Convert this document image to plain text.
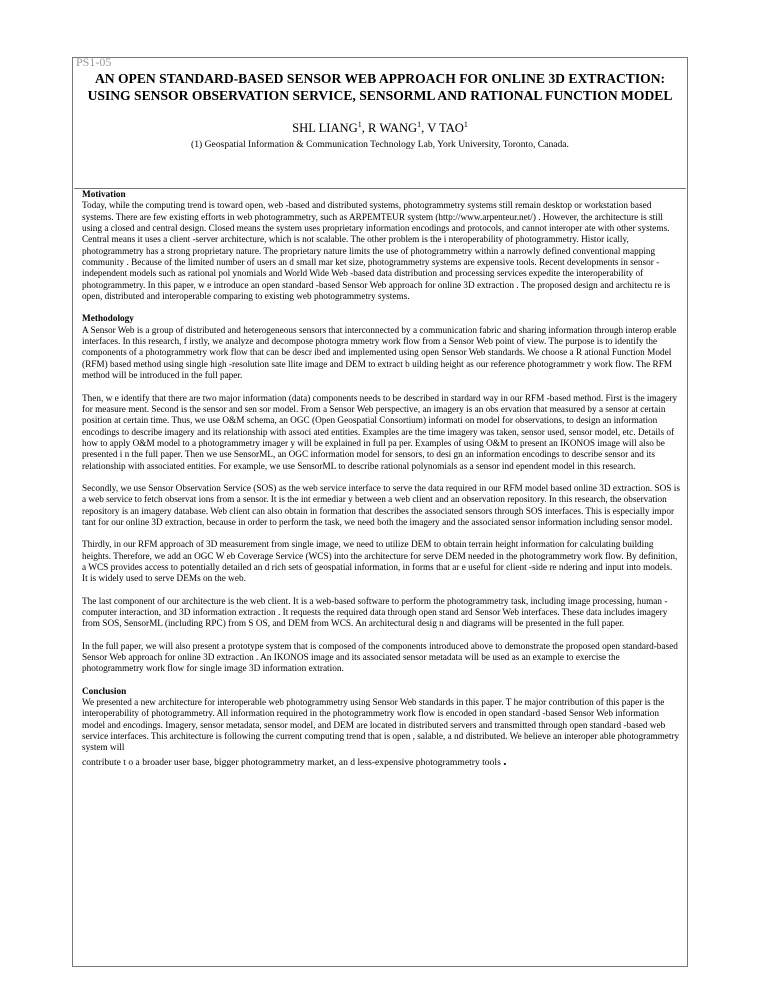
PS1-05
AN OPEN STANDARD-BASED SENSOR WEB APPROACH FOR ONLINE 3D EXTRACTION: USING SENSOR OBSERVATION SERVICE, SENSORML AND RATIONAL FUNCTION MODEL
SHL LIANG$^1$, R WANG$^1$, V TAO$^1$
(1) Geospatial Information & Communication Technology Lab, York University, Toronto, Canada.
Motivation

Today, while the computing trend is toward open, web -based and distributed systems, photogrammetry systems still remain desktop or workstation based systems. There are few existing efforts in web photogrammetry, such as ARPEMTEUR system (http://www.arpenteur.net/) . However, the architecture is still using a closed and central design. Closed means the system uses proprietary information encodings and protocols, and cannot interoper ate with other systems. Central means it uses a client -server architecture, which is not scalable. The other problem is the i nteroperability of photogrammetry. Histor ically, photogrammetry has a strong proprietary nature. The proprietary nature limits the use of photogrammetry within a narrowly defined conventional mapping community . Because of the limited number of users an d small mar ket size, photogrammetry systems are expensive tools. Recent developments in sensor -independent models such as rational pol ynomials and World Wide Web -based data distribution and processing services expedite the interoperability of photogrammetry. In this paper, w e introduce an open standard -based Sensor Web approach for online 3D extraction . The proposed design and architectu re is open, distributed and interoperable comparing to existing web photogrammetry systems.

Methodology

A Sensor Web is a group of distributed and heterogeneous sensors that interconnected by a communication fabric and sharing information through interop erable interfaces. In this research, f irstly, we analyze and decompose photogra mmetry work flow from a Sensor Web point of view. The purpose is to identify the components of a photogrammetry work flow that can be descr ibed and implemented using open Sensor Web standards. We choose a R ational Function Model (RFM) based method using single high -resolution sate llite image and DEM to extract b uilding height as our reference photogrammetr y work flow. The RFM method will be introduced in the full paper.

Then, w e identify that there are two major information (data) components needs to be described in stardard way in our RFM -based method. First is the imagery for measure ment. Second is the sensor and sen sor model. From a Sensor Web perspective, an imagery is an obs ervation that measured by a sensor at certain position at certain time. Thus, we use O&M schema, an OGC (Open Geospatial Consortium) informati on model for observations, to design an information encodings to describe imagery and its relationship with associ ated entities. Examples are the time imagery was taken, sensor used, sensor model, etc. Details of how to apply O&M model to a photogrammetry imager y will be explained in full pa per. Examples of using O&M to present an IKONOS image will also be presented i n the full paper. Then we use SensorML, an OGC information model for sensors, to desi gn an information encodings to describe sensor and its relationship with associated entities. For example, we use SensorML to describe rational polynomials as a sensor ind ependent model in this research.

Secondly, we use Sensor Observation Service (SOS) as the web service interface to serve the data required in our RFM model based online 3D extraction. SOS is a web service to fetch observat ions from a sensor. It is the int ermediar y between a web client and an observation repository. In this research, the observation repository is an imagery database. Web client can also obtain in formation that describes the associated sensors through SOS interfaces. This is especially impor tant for our online 3D extraction, because in order to perform the task, we need both the imagery and the associated sensor information including sensor model.

Thirdly, in our RFM approach of 3D measurement from single image, we need to utilize DEM to obtain terrain height information for calculating building heights. Therefore, we add an OGC W eb Coverage Service (WCS) into the architecture for serve DEM needed in the photogrammetry work flow. By definition, a WCS provides access to potentially detailed an d rich sets of geospatial information, in forms that ar e useful for client -side re ndering and input into models. It is widely used to serve DEMs on the web.

The last component of our architecture is the web client. It is a web-based software to perform the photogrammetry task, including image processing, human -computer interaction, and 3D information extraction . It requests the required data through open stand ard Sensor Web interfaces. These data includes imagery from SOS, SensorML (including RPC) from S OS, and DEM from WCS. An architectural desig n and diagrams will be presented in the full paper.

In the full paper, we will also present a prototype system that is composed of the components introduced above to demonstrate the proposed open standard-based Sensor Web approach for online 3D extraction . An IKONOS image and its associated sensor metadata will be used as an example to exercise the photogrammetry work flow for single image 3D information extration.

Conclusion
We presented a new architecture for interoperable web photogrammetry using Sensor Web standards in this paper. T he major contribution of this paper is the interoperability of photogrammetry. All information required in the photogrammetry work flow is encoded in open standard -based Sensor Web information model and encodings. Imagery, sensor metadata, sensor model, and DEM are located in distributed servers and transmitted through open standard -based web service interfaces. This architecture is following the current computing trend that is open , salable, a nd distributed. We believe an interoper able photogrammetry system will
contribute t o a broader user base, bigger photogrammetry market, an d less-expensive photogrammetry tools .
